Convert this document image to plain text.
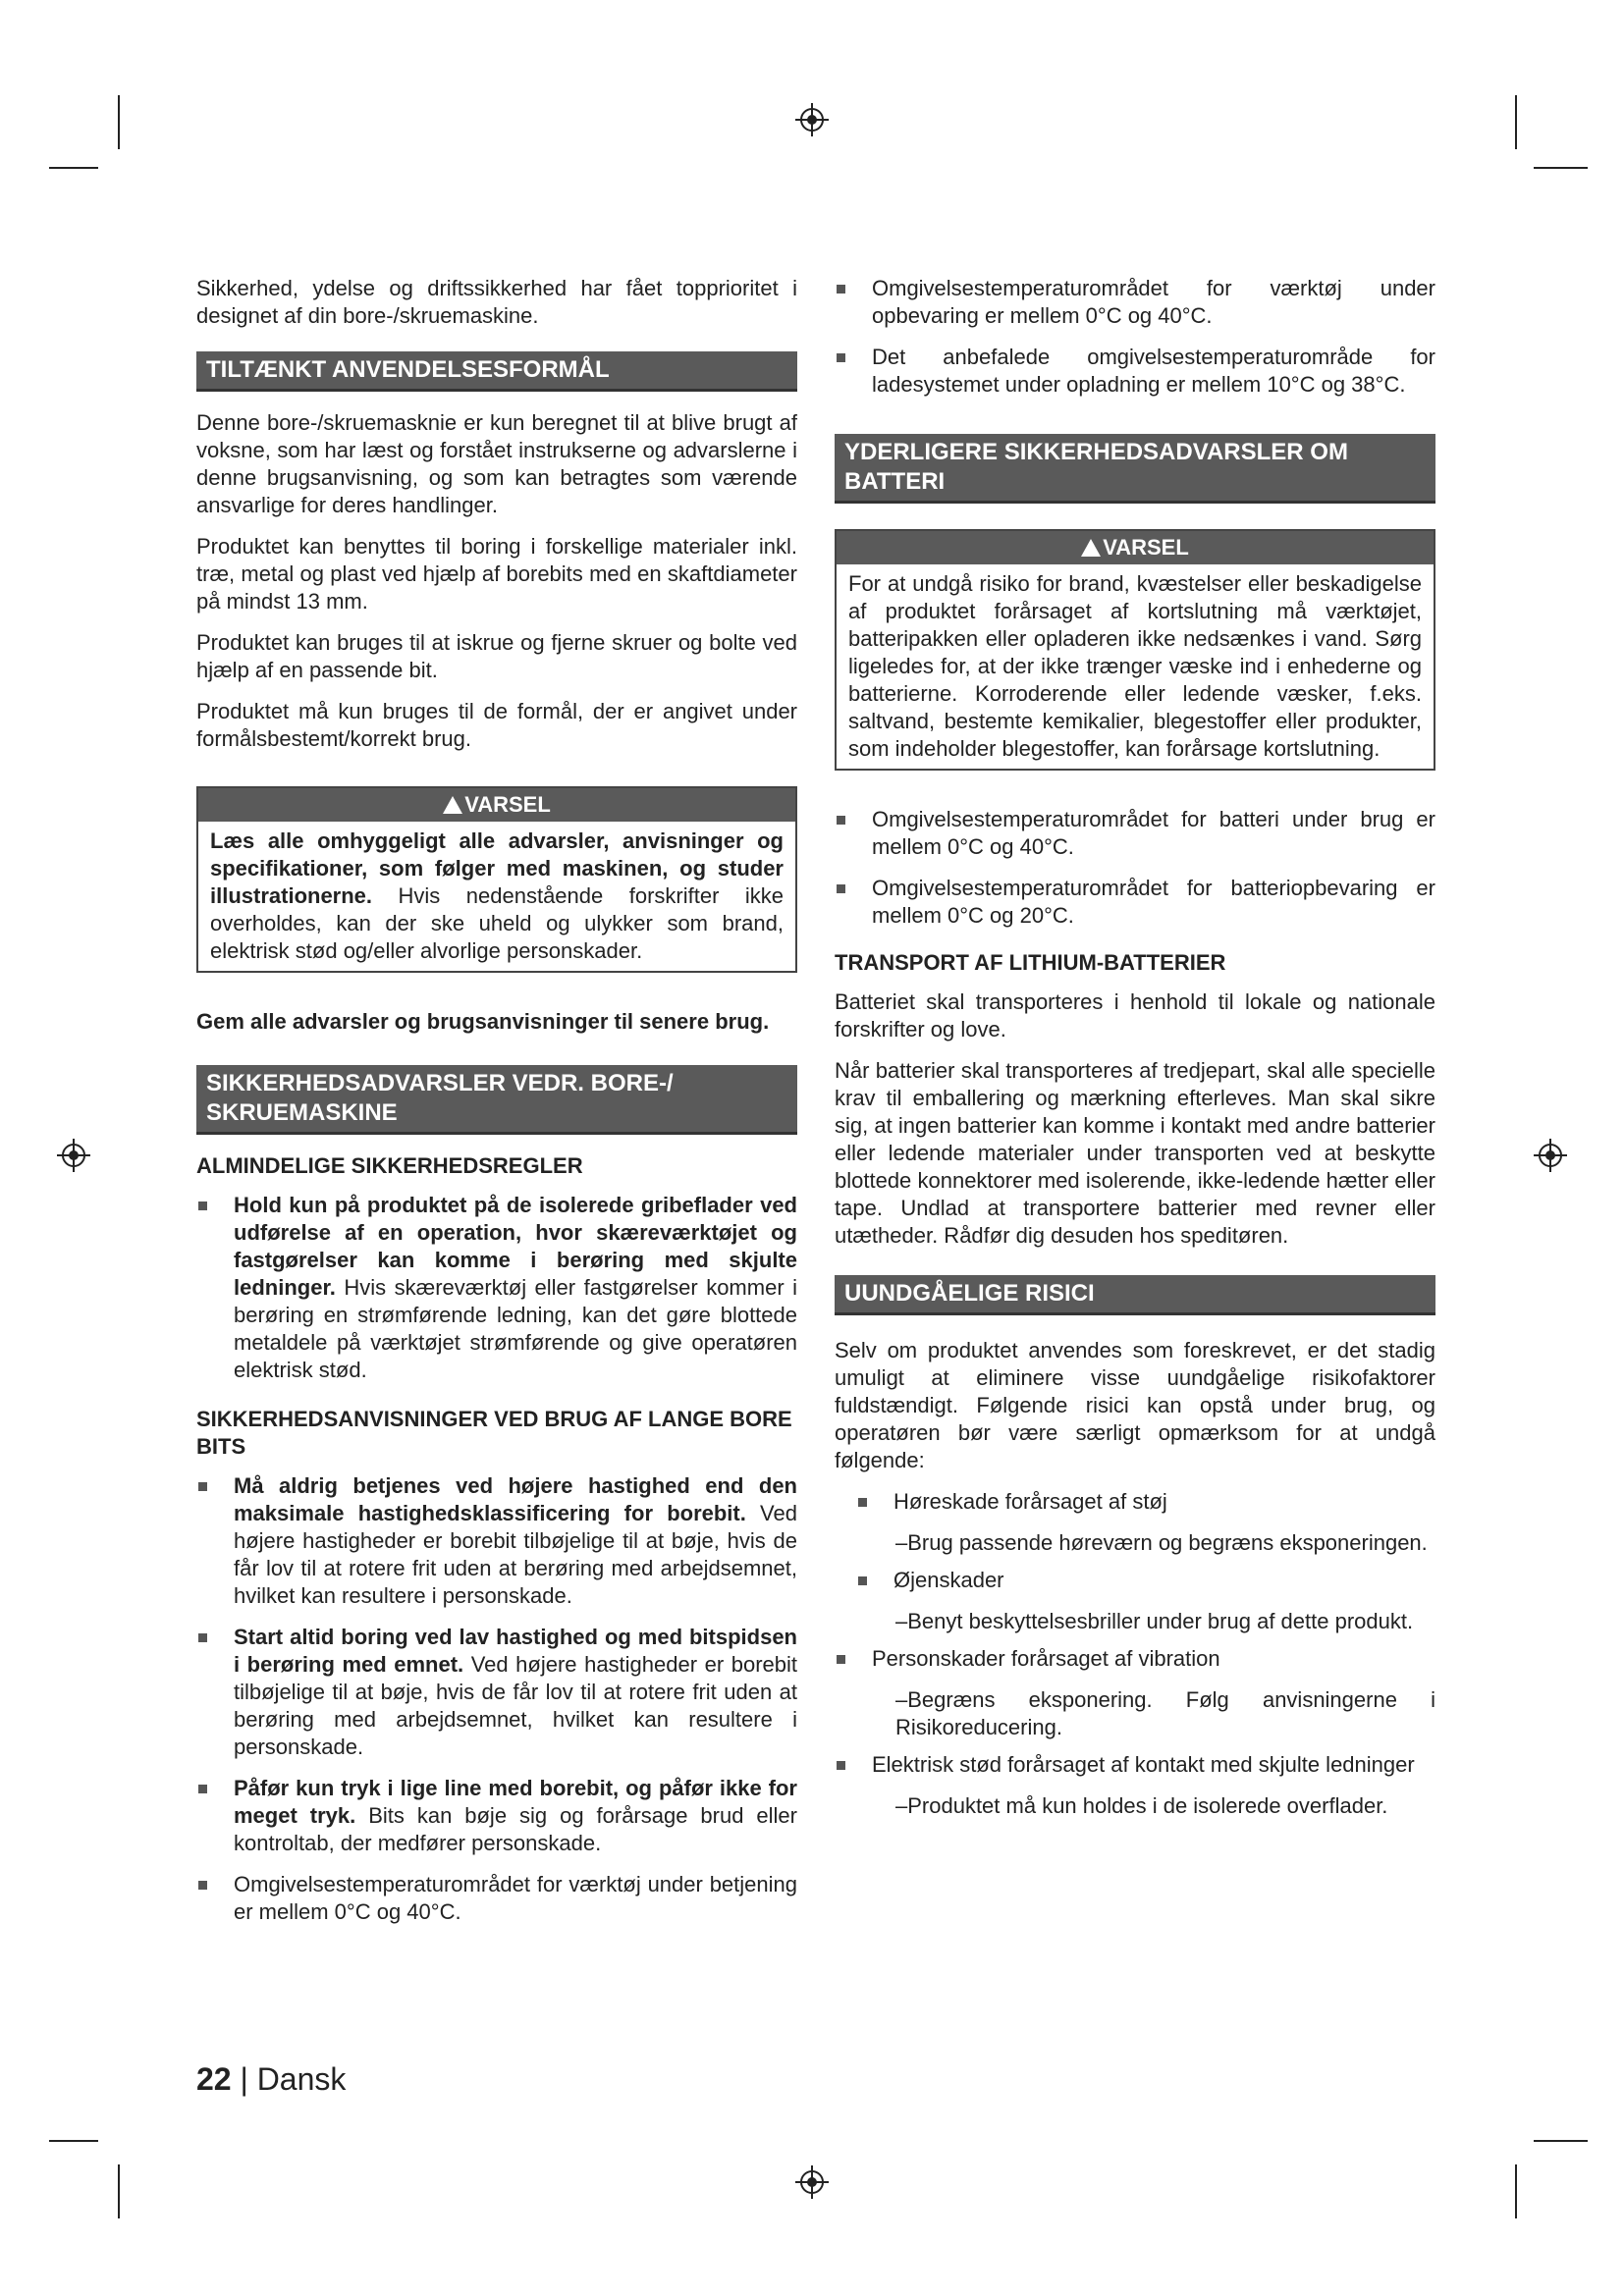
Sikkerhed, ydelse og driftssikkerhed har fået topprioritet i designet af din bore-/skruemaskine.

TILTÆNKT ANVENDELSESFORMÅL

Denne bore-/skruemasknie er kun beregnet til at blive brugt af voksne, som har læst og forstået instrukserne og advarslerne i denne brugsanvisning, og som kan betragtes som værende ansvarlige for deres handlinger.

Produktet kan benyttes til boring i forskellige materialer inkl. træ, metal og plast ved hjælp af borebits med en skaftdiameter på mindst 13 mm.

Produktet kan bruges til at iskrue og fjerne skruer og bolte ved hjælp af en passende bit.

Produktet må kun bruges til de formål, der er angivet under formålsbestemt/korrekt brug.

VARSEL
Læs alle omhyggeligt alle advarsler, anvisninger og specifikationer, som følger med maskinen, og studer illustrationerne. Hvis nedenstående forskrifter ikke overholdes, kan der ske uheld og ulykker som brand, elektrisk stød og/eller alvorlige personskader.

Gem alle advarsler og brugsanvisninger til senere brug.

SIKKERHEDSADVARSLER VEDR. BORE-/ SKRUEMASKINE

ALMINDELIGE SIKKERHEDSREGLER

Hold kun på produktet på de isolerede gribeflader ved udførelse af en operation, hvor skæreværktøjet og fastgørelser kan komme i berøring med skjulte ledninger. Hvis skæreværktøj eller fastgørelser kommer i berøring en strømførende ledning, kan det gøre blottede metaldele på værktøjet strømførende og give operatøren elektrisk stød.

SIKKERHEDSANVISNINGER VED BRUG AF LANGE BORE BITS

Må aldrig betjenes ved højere hastighed end den maksimale hastighedsklassificering for borebit. Ved højere hastigheder er borebit tilbøjelige til at bøje, hvis de får lov til at rotere frit uden at berøring med arbejdsemnet, hvilket kan resultere i personskade.
Start altid boring ved lav hastighed og med bitspidsen i berøring med emnet. Ved højere hastigheder er borebit tilbøjelige til at bøje, hvis de får lov til at rotere frit uden at berøring med arbejdsemnet, hvilket kan resultere i personskade.
Påfør kun tryk i lige line med borebit, og påfør ikke for meget tryk. Bits kan bøje sig og forårsage brud eller kontroltab, der medfører personskade.
Omgivelsestemperaturområdet for værktøj under betjening er mellem 0°C og 40°C.
Omgivelsestemperaturområdet for værktøj under opbevaring er mellem 0°C og 40°C.
Det anbefalede omgivelsestemperaturområde for ladesystemet under opladning er mellem 10°C og 38°C.
YDERLIGERE SIKKERHEDSADVARSLER OM BATTERI
VARSEL
For at undgå risiko for brand, kvæstelser eller beskadigelse af produktet forårsaget af kortslutning må værktøjet, batteripakken eller opladeren ikke nedsænkes i vand. Sørg ligeledes for, at der ikke trænger væske ind i enhederne og batterierne. Korroderende eller ledende væsker, f.eks. saltvand, bestemte kemikalier, blegestoffer eller produkter, som indeholder blegestoffer, kan forårsage kortslutning.
Omgivelsestemperaturområdet for batteri under brug er mellem 0°C og 40°C.
Omgivelsestemperaturområdet for batteriopbevaring er mellem 0°C og 20°C.

TRANSPORT AF LITHIUM-BATTERIER

Batteriet skal transporteres i henhold til lokale og nationale forskrifter og love.

Når batterier skal transporteres af tredjepart, skal alle specielle krav til emballering og mærkning efterleves. Man skal sikre sig, at ingen batterier kan komme i kontakt med andre batterier eller ledende materialer under transporten ved at beskytte blottede konnektorer med isolerende, ikke-ledende hætter eller tape. Undlad at transportere batterier med revner eller utætheder. Rådfør dig desuden hos speditøren.

UUNDGÅELIGE RISICI

Selv om produktet anvendes som foreskrevet, er det stadig umuligt at eliminere visse uundgåelige risikofaktorer fuldstændigt. Følgende risici kan opstå under brug, og operatøren bør være særligt opmærksom for at undgå følgende:

Høreskade forårsaget af støj

–Brug passende høreværn og begræns eksponeringen.

Øjenskader

–Benyt beskyttelsesbriller under brug af dette produkt.

Personskader forårsaget af vibration

–Begræns eksponering. Følg anvisningerne i Risikoreducering.

Elektrisk stød forårsaget af kontakt med skjulte ledninger

–Produktet må kun holdes i de isolerede overflader.

22 | Dansk
